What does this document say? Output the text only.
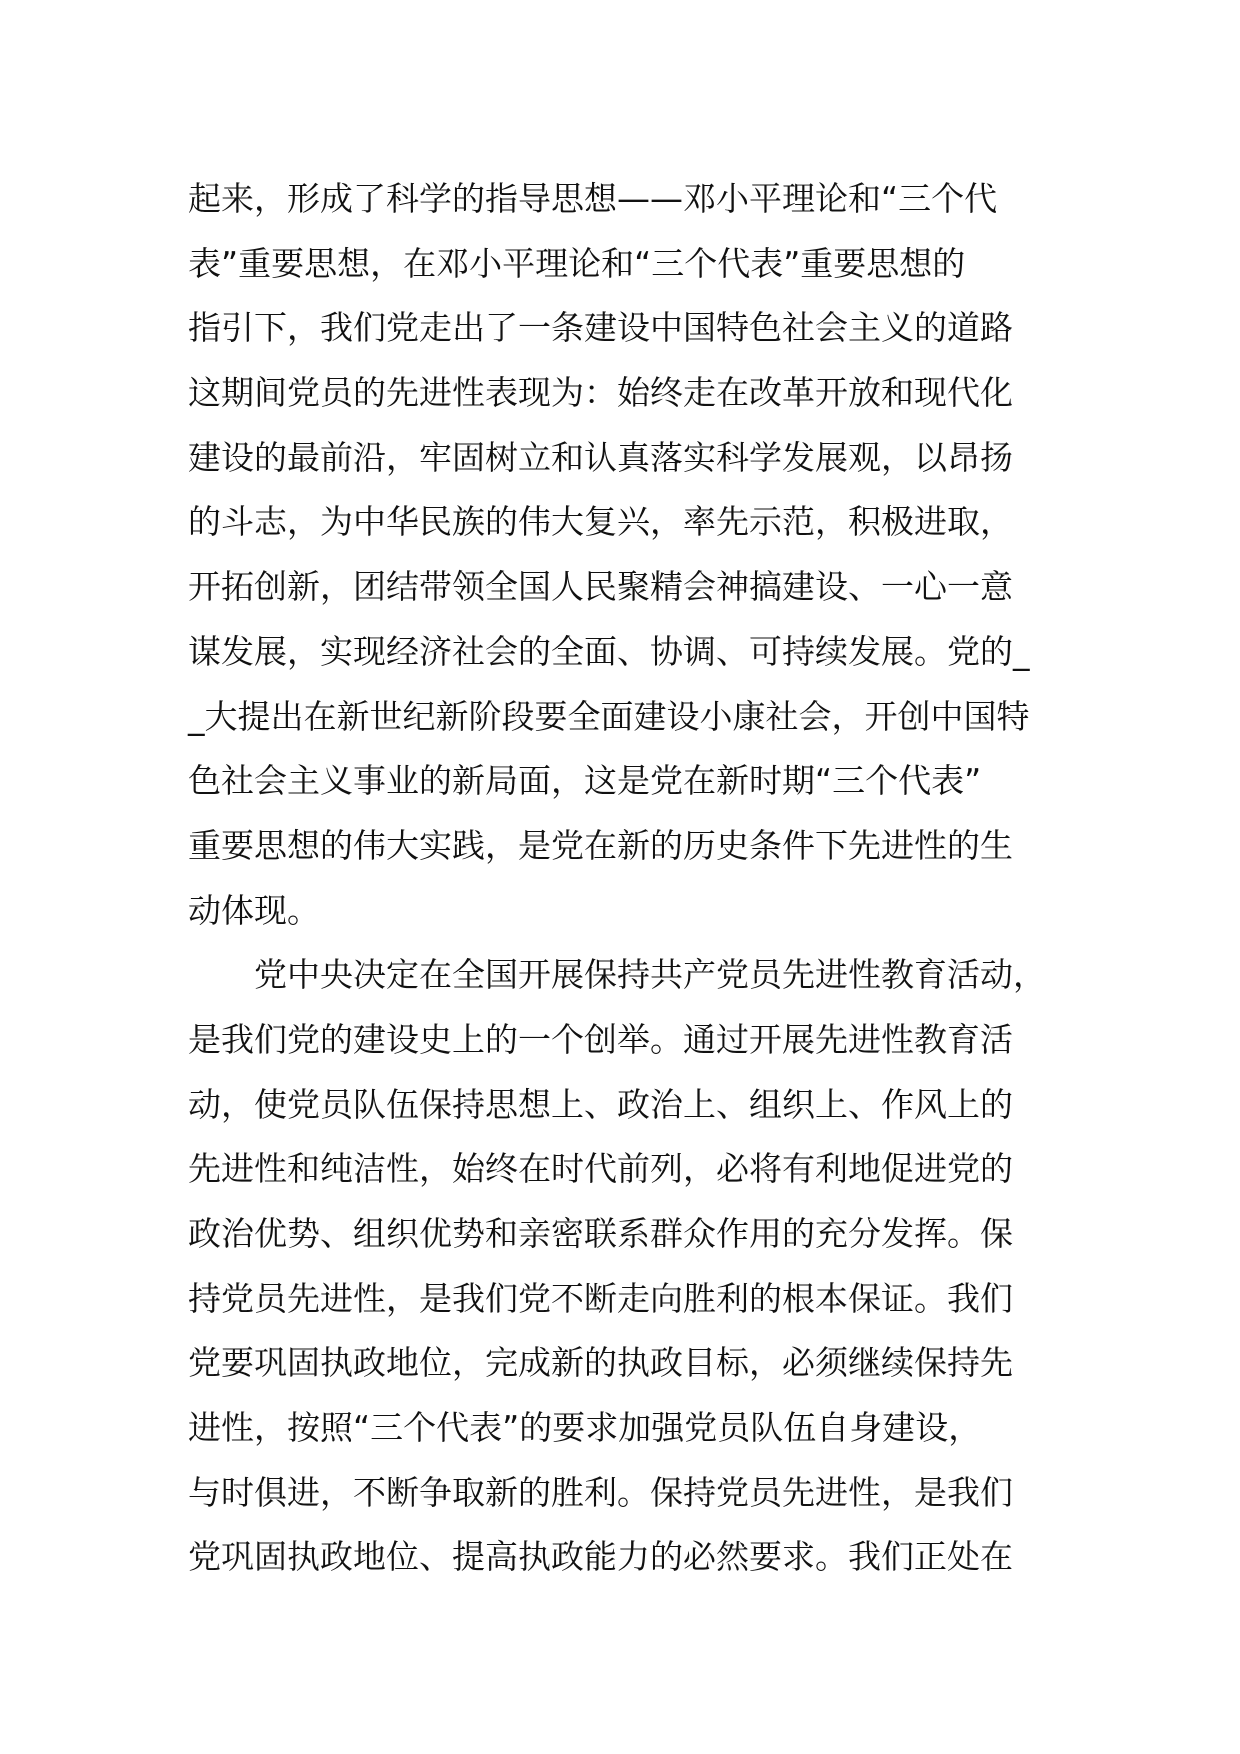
起来，形成了科学的指导思想——邓小平理论和“三个代
表”重要思想，在邓小平理论和“三个代表”重要思想的
指引下，我们党走出了一条建设中国特色社会主义的道路
这期间党员的先进性表现为：始终走在改革开放和现代化
建设的最前沿，牢固树立和认真落实科学发展观，以昂扬
的斗志，为中华民族的伟大复兴，率先示范，积极进取，
开拓创新，团结带领全国人民聚精会神搞建设、一心一意
谋发展，实现经济社会的全面、协调、可持续发展。党的_
_大提出在新世纪新阶段要全面建设小康社会，开创中国特
色社会主义事业的新局面，这是党在新时期“三个代表”
重要思想的伟大实践，是党在新的历史条件下先进性的生
动体现。
党中央决定在全国开展保持共产党员先进性教育活动，
是我们党的建设史上的一个创举。通过开展先进性教育活
动，使党员队伍保持思想上、政治上、组织上、作风上的
先进性和纯洁性，始终在时代前列，必将有利地促进党的
政治优势、组织优势和亲密联系群众作用的充分发挥。保
持党员先进性，是我们党不断走向胜利的根本保证。我们
党要巩固执政地位，完成新的执政目标，必须继续保持先
进性，按照“三个代表”的要求加强党员队伍自身建设，
与时俱进，不断争取新的胜利。保持党员先进性，是我们
党巩固执政地位、提高执政能力的必然要求。我们正处在
